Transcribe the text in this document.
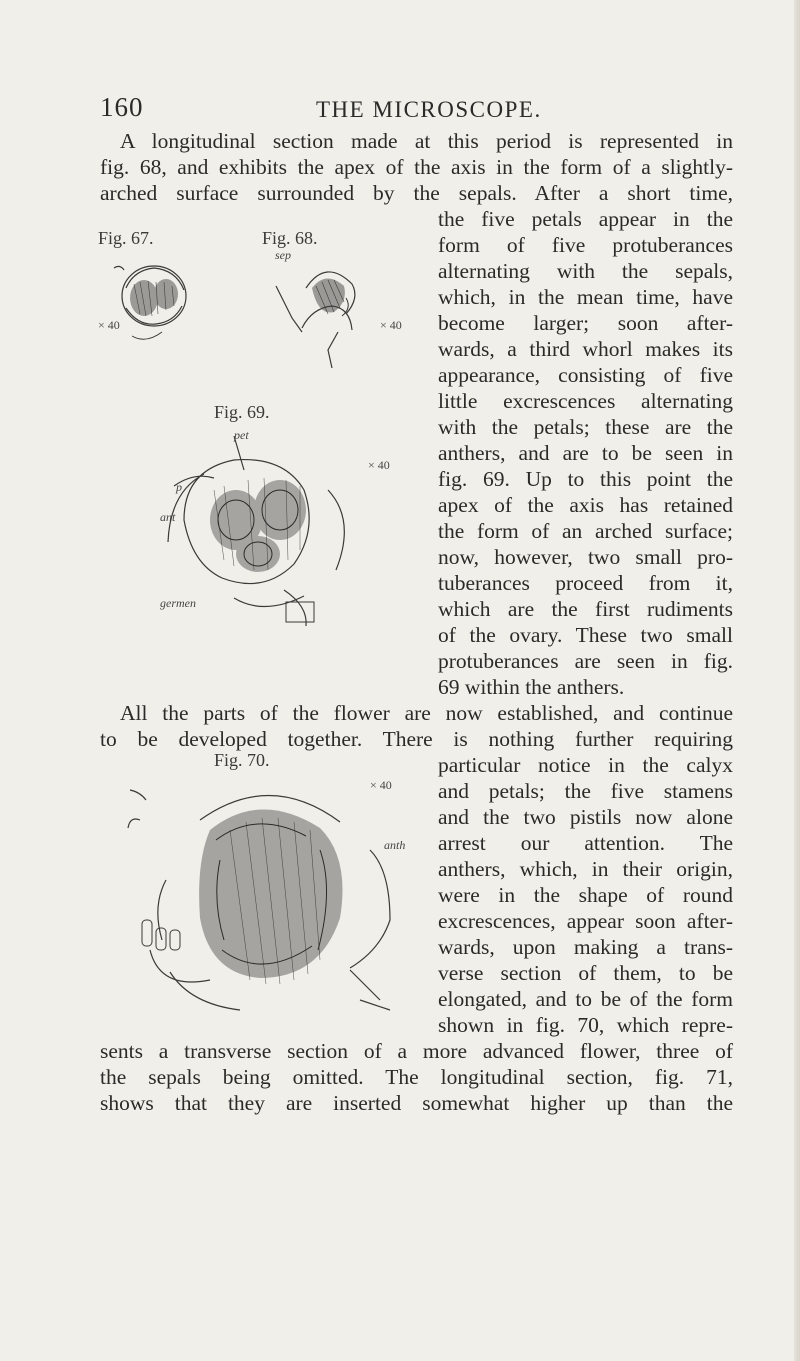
160	THE MICROSCOPE.
A longitudinal section made at this period is represented in
fig. 68, and exhibits the apex of the axis in the form of a slightly-
arched surface surrounded by the sepals. After a short time,
the five petals appear in the
form of five protuberances
alternating with the sepals,
which, in the mean time, have
become larger; soon after-
wards, a third whorl makes its
appearance, consisting of five
little excrescences alternating
with the petals; these are the
anthers, and are to be seen in
fig. 69. Up to this point the
apex of the axis has retained
the form of an arched surface;
now, however, two small pro-
tuberances proceed from it,
which are the first rudiments
of the ovary. These two small
protuberances are seen in fig.
69 within the anthers.
All the parts of the flower are now established, and continue
to be developed together. There is nothing further requiring
particular notice in the calyx
and petals; the five stamens
and the two pistils now alone
arrest our attention. The
anthers, which, in their origin,
were in the shape of round
excrescences, appear soon after-
wards, upon making a trans-
verse section of them, to be
elongated, and to be of the form
shown in fig. 70, which repre-
sents a transverse section of a more advanced flower, three of
the sepals being omitted. The longitudinal section, fig. 71,
shows that they are inserted somewhat higher up than the
Fig. 67.
× 40
Fig. 68.
sep
× 40
Fig. 69.
pet
p
ant
germen
× 40
Fig. 70.
× 40
anth
